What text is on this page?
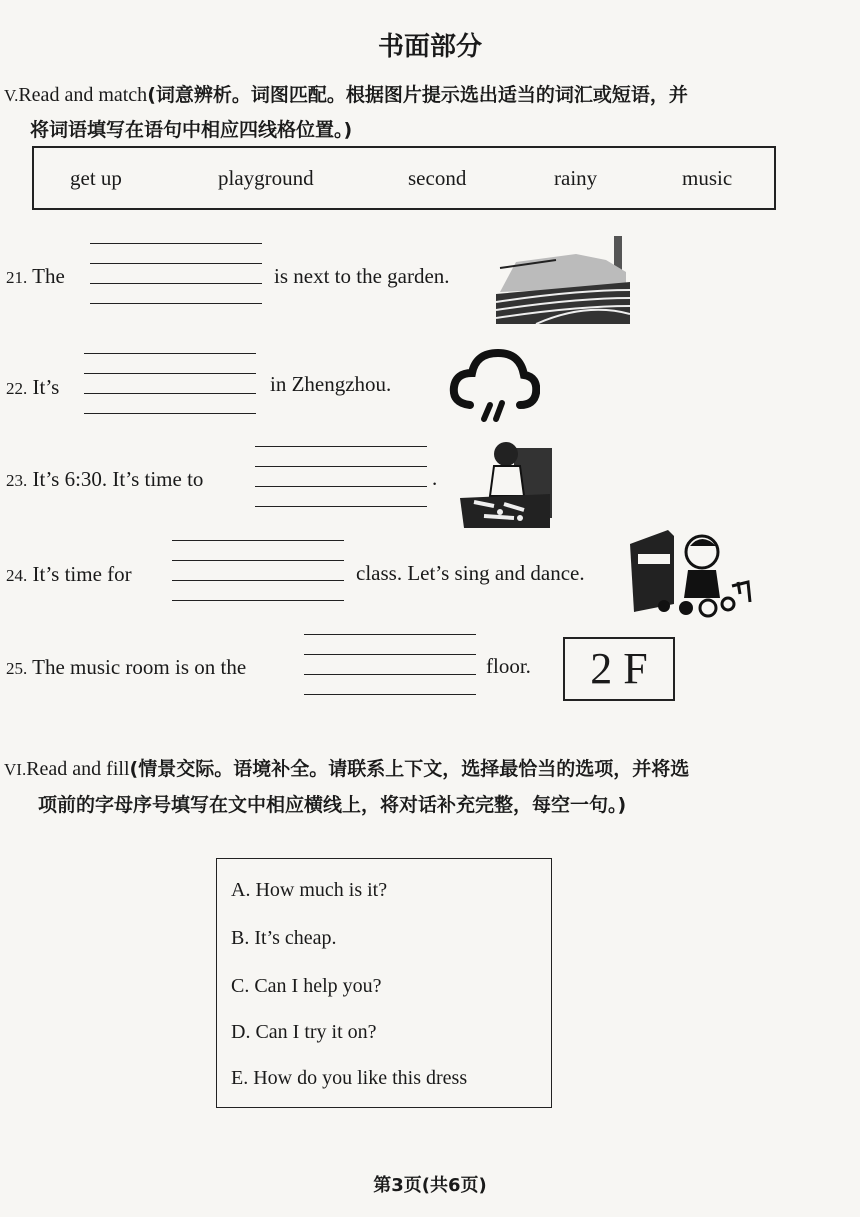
书面部分
V.Read and match(词意辨析。词图匹配。根据图片提示选出适当的词汇或短语，并
将词语填写在语句中相应四线格位置。)
get up	playground	second	rainy	music
21. The	is next to the garden.
22. It’s	in Zhengzhou.
23. It’s 6:30. It’s time to	.
24. It’s time for	class. Let’s sing and dance.
25. The music room is on the	floor.	2 F
VI.Read and fill(情景交际。语境补全。请联系上下文，选择最恰当的选项，并将选
项前的字母序号填写在文中相应横线上，将对话补充完整，每空一句。)
A. How much is it?
B. It’s cheap.
C. Can I help you?
D. Can I try it on?
E. How do you like this dress
第3页(共6页)
